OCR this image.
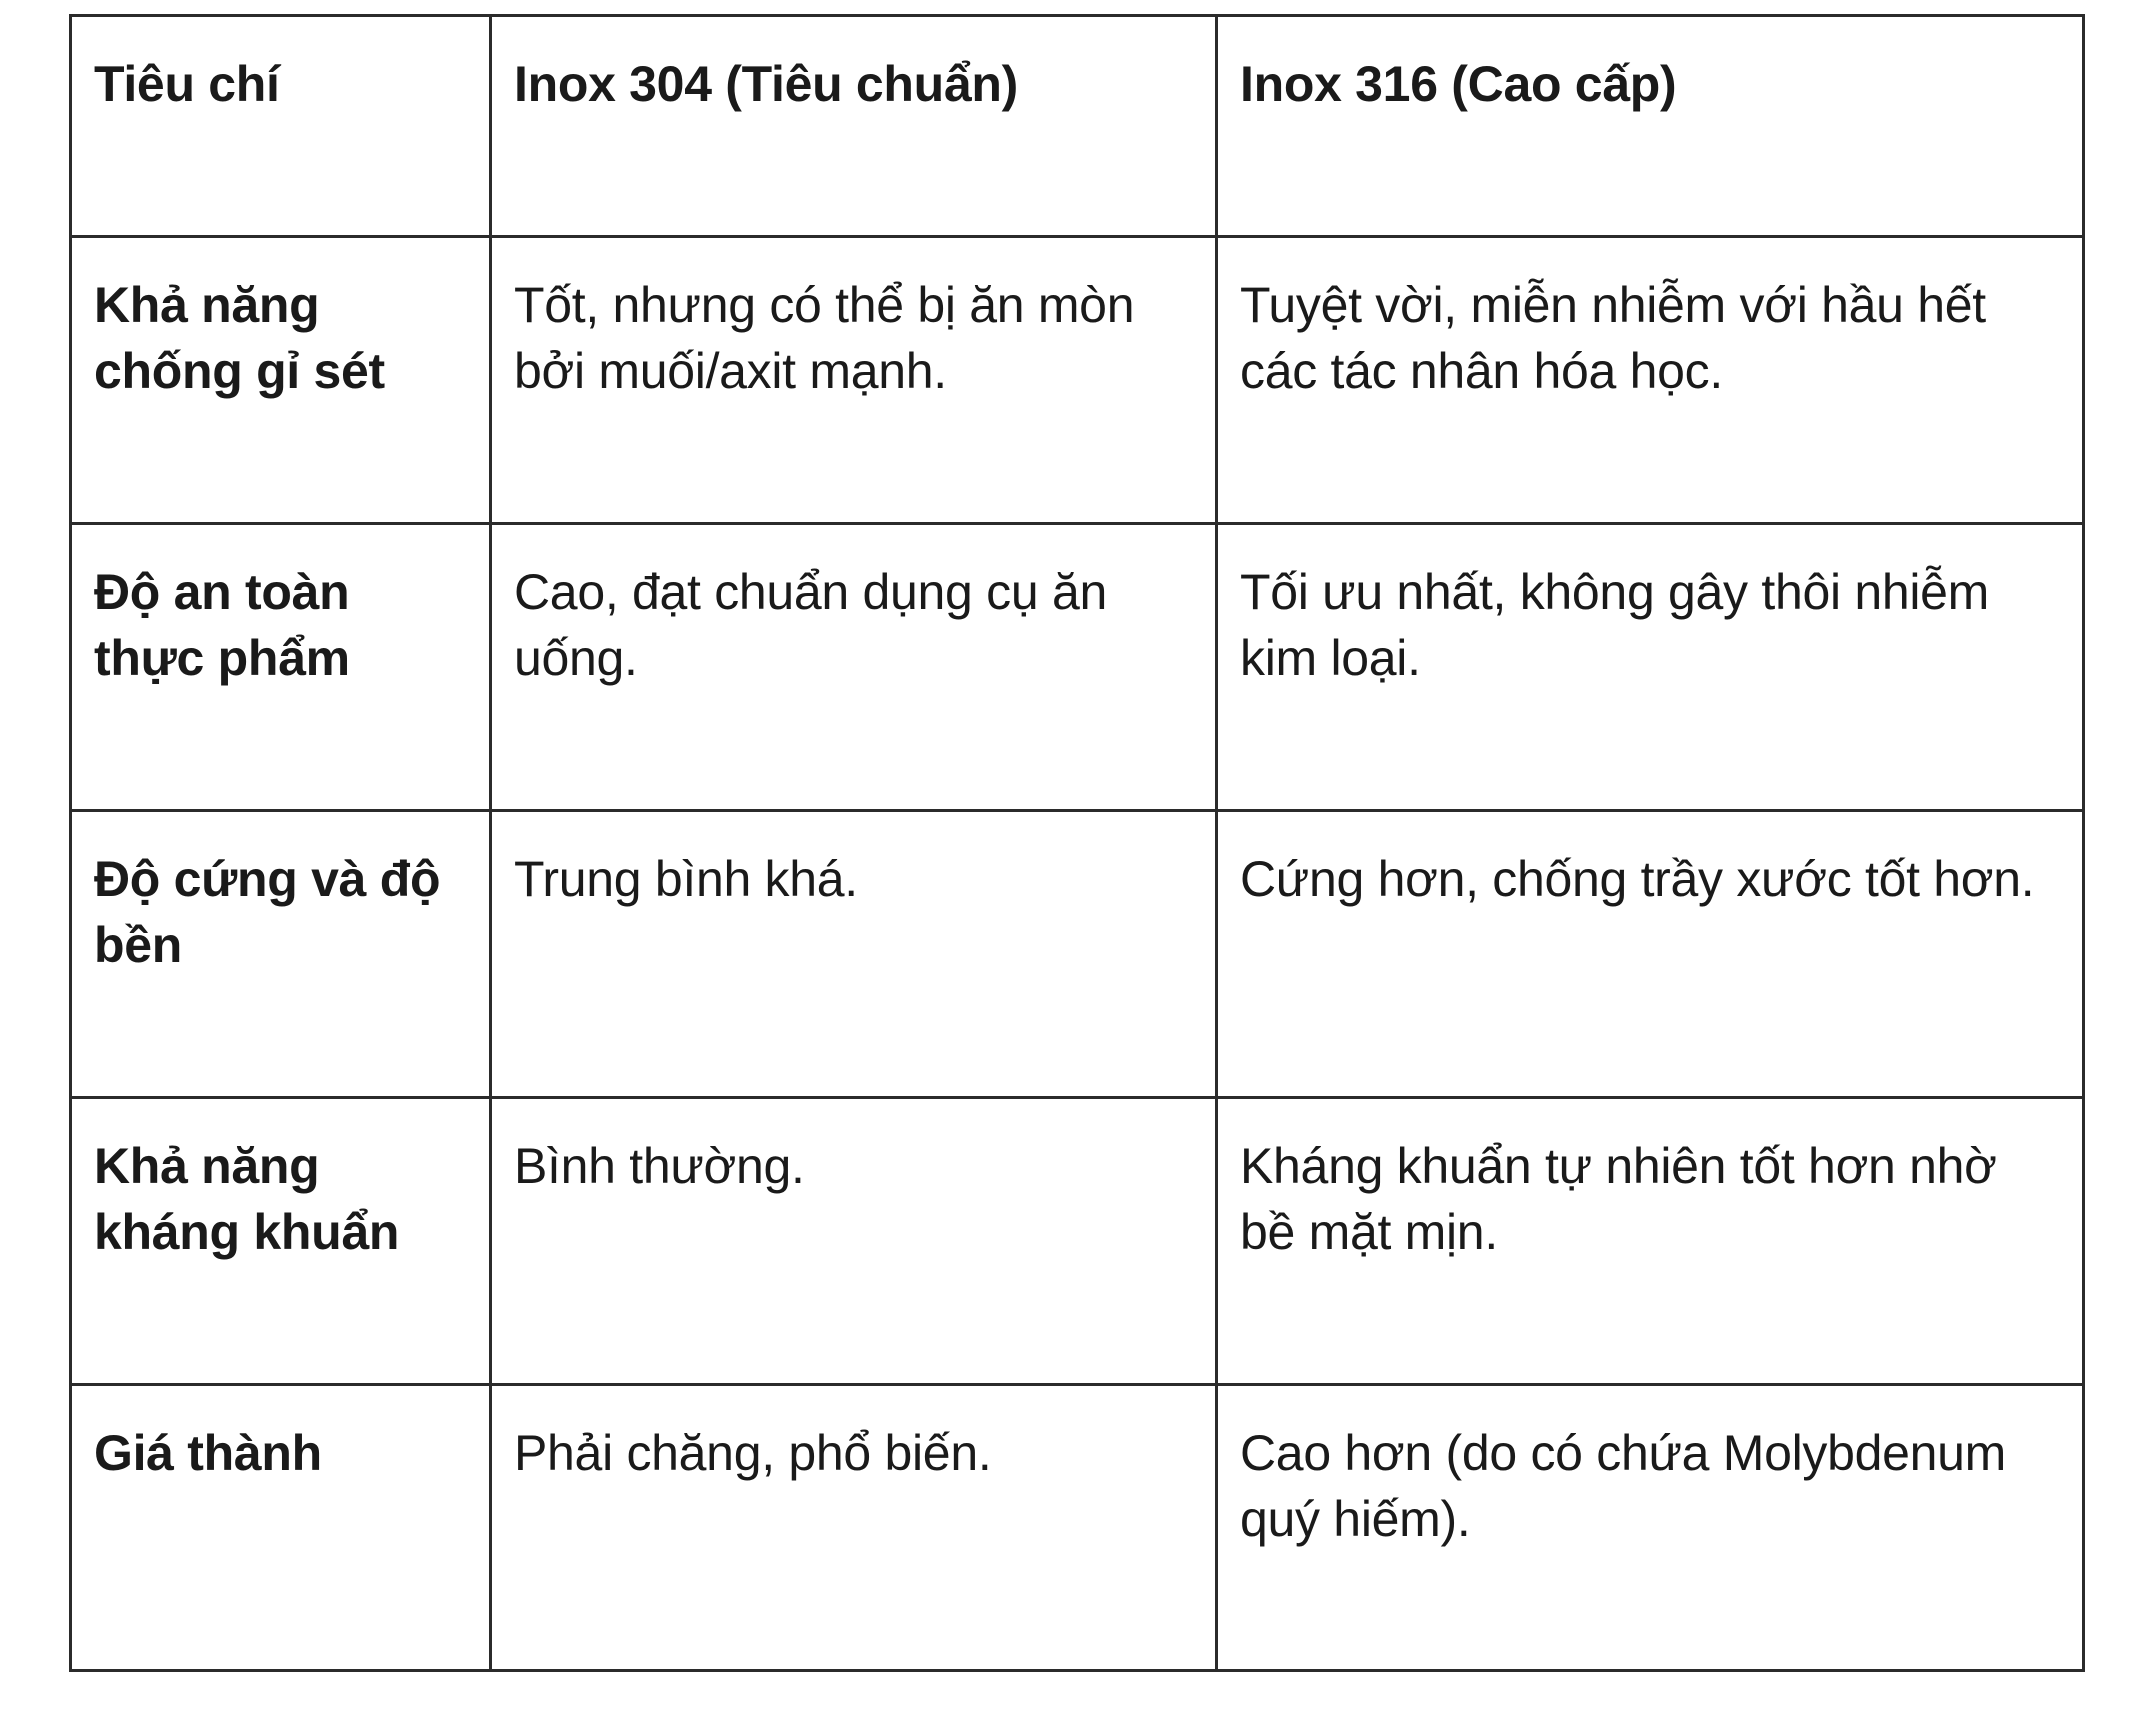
Tiêu chí	Inox 304 (Tiêu chuẩn)	Inox 316 (Cao cấp)
Khả năng chống gỉ sét	Tốt, nhưng có thể bị ăn mòn bởi muối/axit mạnh.	Tuyệt vời, miễn nhiễm với hầu hết các tác nhân hóa học.
Độ an toàn thực phẩm	Cao, đạt chuẩn dụng cụ ăn uống.	Tối ưu nhất, không gây thôi nhiễm kim loại.
Độ cứng và độ bền	Trung bình khá.	Cứng hơn, chống trầy xước tốt hơn.
Khả năng kháng khuẩn	Bình thường.	Kháng khuẩn tự nhiên tốt hơn nhờ bề mặt mịn.
Giá thành	Phải chăng, phổ biến.	Cao hơn (do có chứa Molybdenum quý hiếm).
